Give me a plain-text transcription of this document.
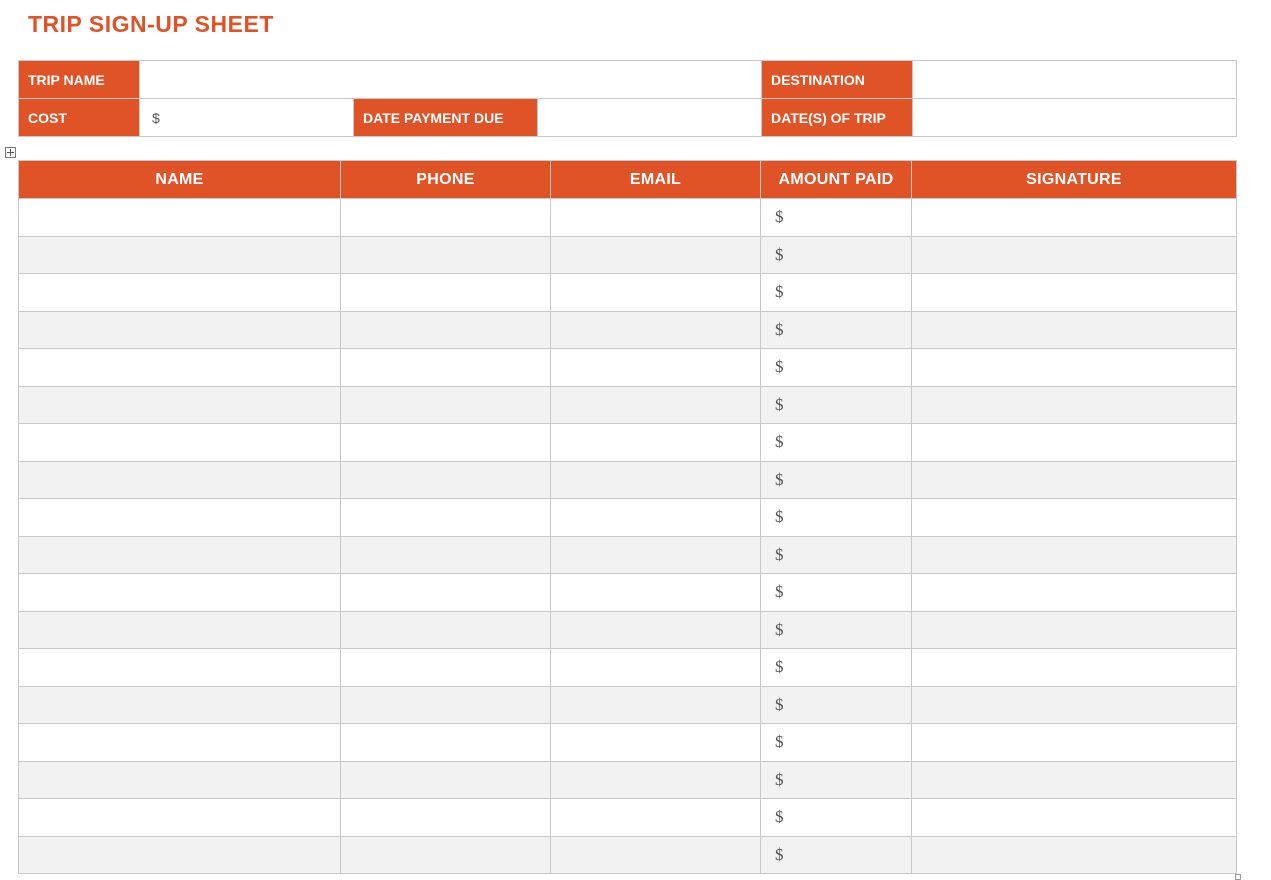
TRIP SIGN-UP SHEET
TRIP NAME				DESTINATION	
COST	$	DATE PAYMENT DUE		DATE(S) OF TRIP	
NAME	PHONE	EMAIL	AMOUNT PAID	SIGNATURE
			$	
			$	
			$	
			$	
			$	
			$	
			$	
			$	
			$	
			$	
			$	
			$	
			$	
			$	
			$	
			$	
			$	
			$	
